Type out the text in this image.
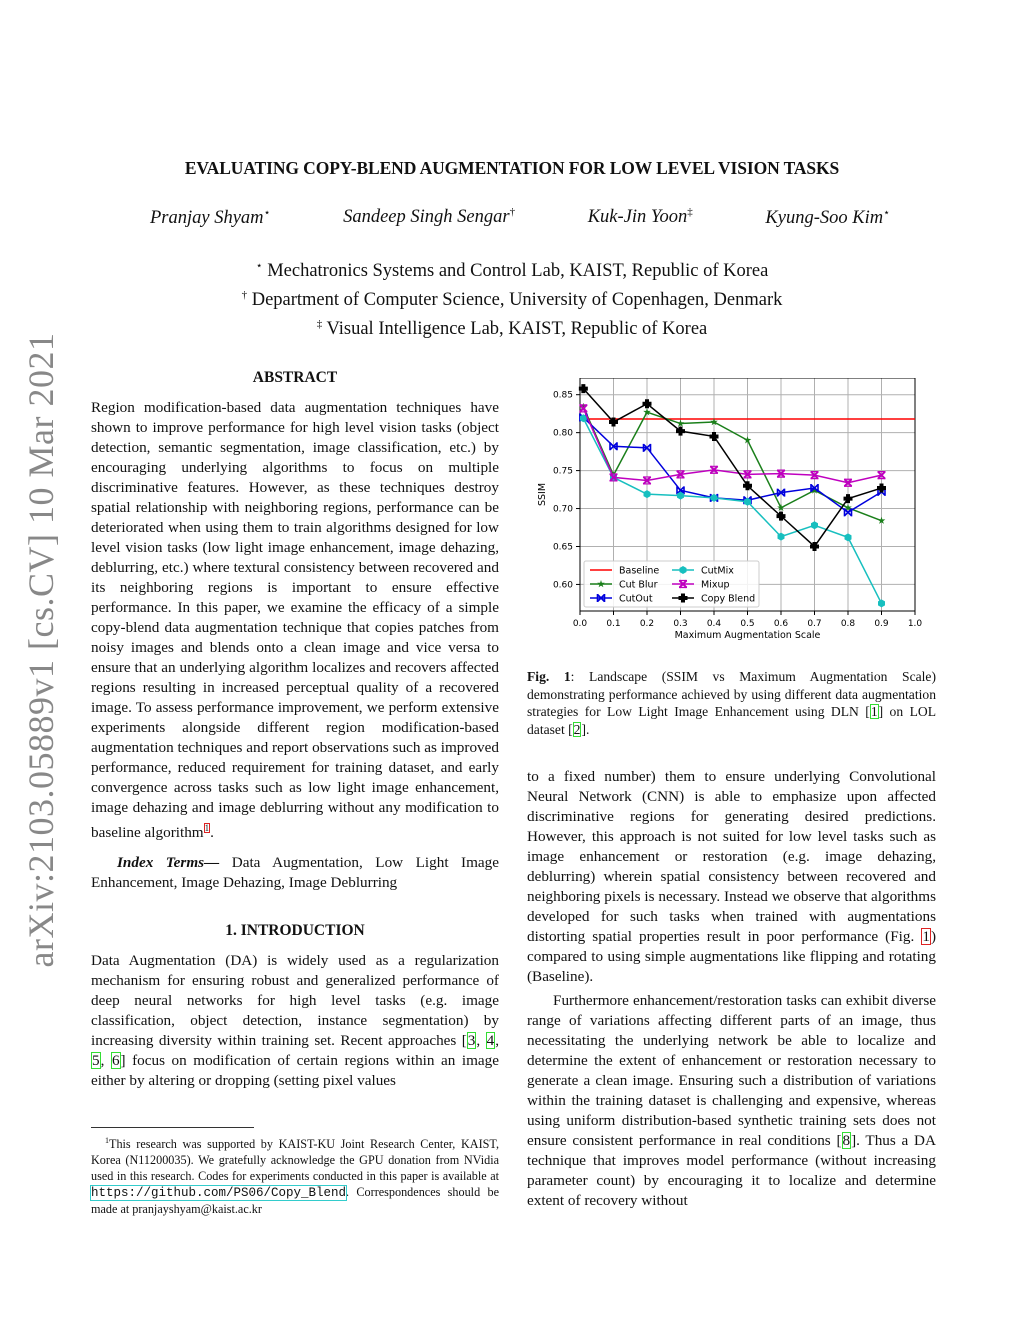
arXiv:2103.05889v1 [cs.CV] 10 Mar 2021
EVALUATING COPY-BLEND AUGMENTATION FOR LOW LEVEL VISION TASKS
Pranjay Shyam⋆	Sandeep Singh Sengar†	Kuk-Jin Yoon‡	Kyung-Soo Kim⋆
⋆ Mechatronics Systems and Control Lab, KAIST, Republic of Korea
† Department of Computer Science, University of Copenhagen, Denmark
‡ Visual Intelligence Lab, KAIST, Republic of Korea
ABSTRACT

Region modification-based data augmentation techniques have shown to improve performance for high level vision tasks (object detection, semantic segmentation, image classification, etc.) by encouraging underlying algorithms to focus on multiple discriminative features. However, as these techniques destroy spatial relationship with neighboring regions, performance can be deteriorated when using them to train algorithms designed for low level vision tasks (low light image enhancement, image dehazing, deblurring, etc.) where textural consistency between recovered and its neighboring regions is important to ensure effective performance. In this paper, we examine the efficacy of a simple copy-blend data augmentation technique that copies patches from noisy images and blends onto a clean image and vice versa to ensure that an underlying algorithm localizes and recovers affected regions resulting in increased perceptual quality of a recovered image. To assess performance improvement, we perform extensive experiments alongside different region modification-based augmentation techniques and report observations such as improved performance, reduced requirement for training dataset, and early convergence across tasks such as low light image enhancement, image dehazing and image deblurring without any modification to baseline algorithm$^1$.

Index Terms— Data Augmentation, Low Light Image Enhancement, Image Dehazing, Image Deblurring

1. INTRODUCTION

Data Augmentation (DA) is widely used as a regularization mechanism for ensuring robust and generalized performance of deep neural networks for high level tasks (e.g. image classification, object detection, instance segmentation) by increasing diversity within training set. Recent approaches [3, 4, 5, 6] focus on modification of certain regions within an image either by altering or dropping (setting pixel values

$^1$This research was supported by KAIST-KU Joint Research Center, KAIST, Korea (N11200035). We gratefully acknowledge the GPU donation from NVidia used in this research. Codes for experiments conducted in this paper is available at https://github.com/PS06/Copy_Blend. Correspondences should be made at pranjayshyam@kaist.ac.kr
0.0 0.1 0.2 0.3 0.4 0.5 0.6 0.7 0.8 0.9 1.0
0.60
0.65
0.70
0.75
0.80
0.85
Maximum Augmentation Scale
SSIM
Baseline
Cut Blur
CutOut
CutMix
Mixup
Copy Blend
Fig. 1: Landscape (SSIM vs Maximum Augmentation Scale) demonstrating performance achieved by using different data augmentation strategies for Low Light Image Enhancement using DLN [1] on LOL dataset [2].

to a fixed number) them to ensure underlying Convolutional Neural Network (CNN) is able to emphasize upon affected discriminative regions for generating desired predictions. However, this approach is not suited for low level tasks such as image enhancement or restoration (e.g. image dehazing, deblurring) wherein spatial consistency between recovered and neighboring pixels is necessary. Instead we observe that algorithms developed for such tasks when trained with augmentations distorting spatial properties result in poor performance (Fig. 1) compared to using simple augmentations like flipping and rotating (Baseline).

Furthermore enhancement/restoration tasks can exhibit diverse range of variations affecting different parts of an image, thus necessitating the underlying network be able to localize and determine the extent of enhancement or restoration necessary to generate a clean image. Ensuring such a distribution of variations within the training dataset is challenging and expensive, whereas using uniform distribution-based synthetic training sets does not ensure consistent performance in real conditions [8]. Thus a DA technique that improves model performance (without increasing parameter count) by encouraging it to localize and determine extent of recovery without
